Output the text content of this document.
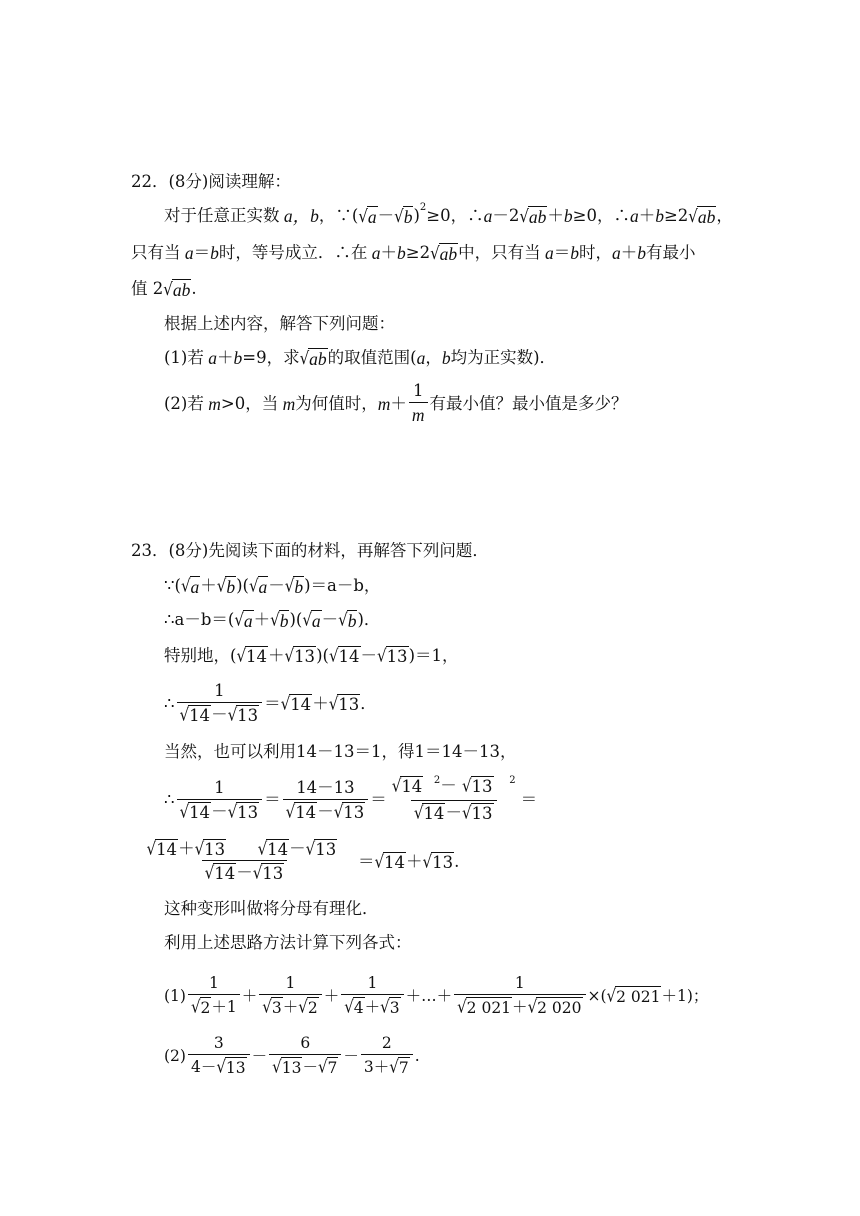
22．(8分)阅读理解：
对于任意正实数 a，b ，∵( √ a － √ b ) 2 ≥0，∴ a －2 √ ab ＋ b ≥0，∴ a ＋ b ≥2 √ ab ，
只有当 a ＝ b 时，等号成立．∴在 a ＋ b ≥2 √ ab 中，只有当 a ＝ b 时， a ＋ b 有最小
值 2 √ ab .
根据上述内容，解答下列问题：
(1)若 a ＋ b =9，求 √ ab 的取值范围( a ， b 均为正实数)．
(2)若 m >0，当 m 为何值时， $m + \frac{1}{m}$ 有最小值？最小值是多少？
23．(8分)先阅读下面的材料，再解答下列问题．
∵ ( √ a ＋ √ b )( √ a － √ b ) ＝a－b，
∴a－b＝ ( √ a ＋ √ b )( √ a － √ b ) ．
特别地， ( √ 14 ＋ √ 13 )( √ 14 － √ 13 ) ＝1，
∴ $\frac{1}{√ 14 - √ 13}$ ＝ √ 14 ＋ √ 13 ．
当然，也可以利用14－13＝1，得1＝14－13，
∴ $\frac{1}{√ 14 - √ 13} = \frac{14-13}{√ 14 - √ 13} = \frac{√ 14 ^2- √ 13 ^2}{√ 14 - √ 13}$ ＝

√ 14 ＋ √ 13
√ 14 － √ 13

√ 14 － √ 13 ＝ √ 14 ＋ √ 13 .
这种变形叫做将分母有理化．
利用上述思路方法计算下列各式：
$(1) \frac{1}{√ 2 +1} + \frac{1}{√ 3 + √ 2} + \frac{1}{√ 4 + √ 3}$ ＋…＋ $\frac{1}{√ 2 021 + √ 2 020}$ ×( √ 2 021 ＋1) ；
$(2) \frac{3}{4- √ 13} - \frac{6}{√ 13 - √ 7} - \frac{2}{3+ √ 7}$ .
